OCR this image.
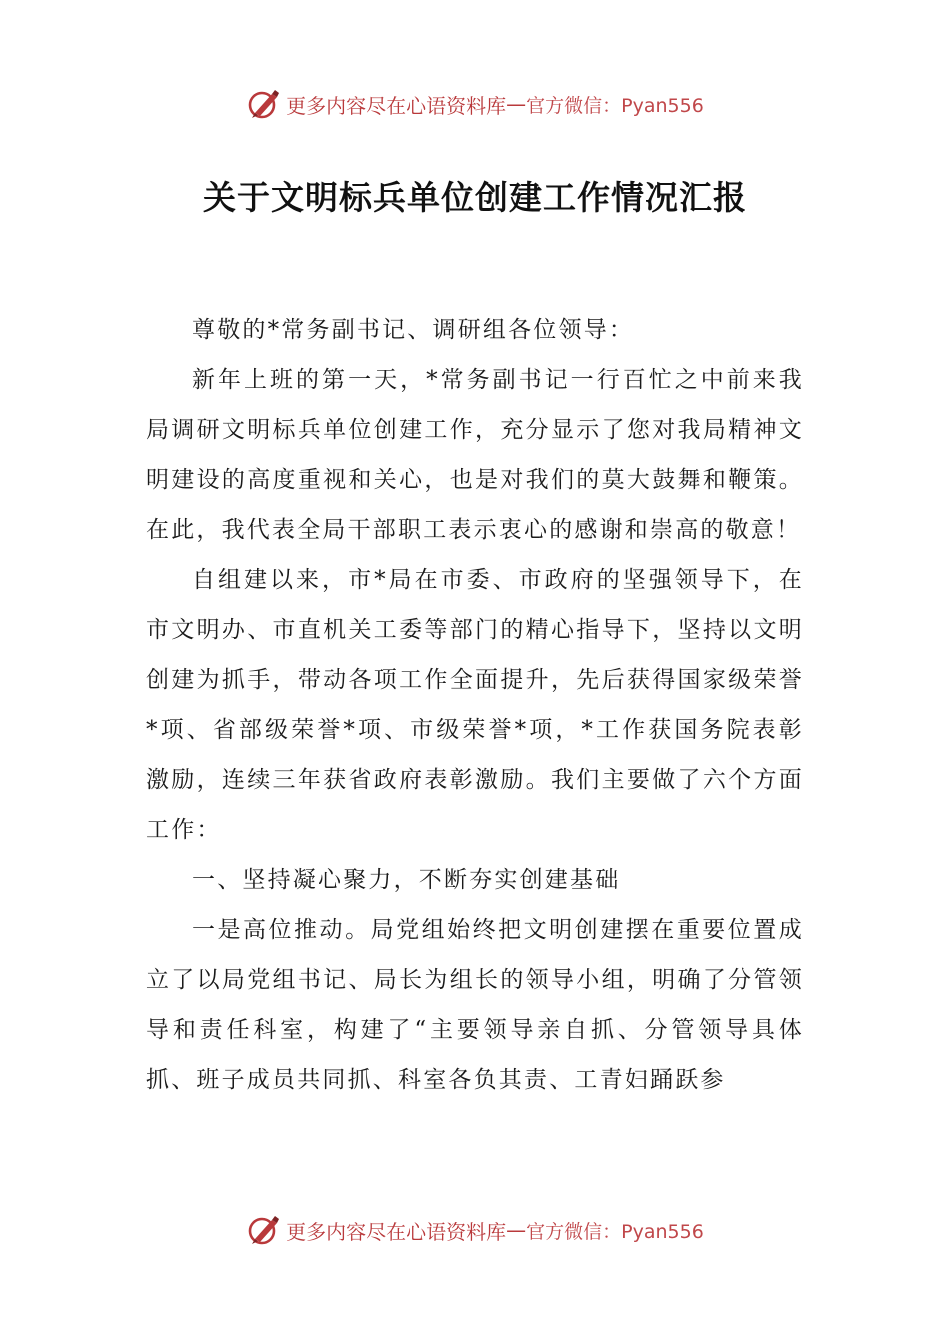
更多内容尽在心语资料库 — 官方微信：Pyan556
关于文明标兵单位创建工作情况汇报

尊敬的*常务副书记、调研组各位领导：

新年上班的第一天，*常务副书记一行百忙之中前来我局调研文明标兵单位创建工作，充分显示了您对我局精神文明建设的高度重视和关心，也是对我们的莫大鼓舞和鞭策。在此，我代表全局干部职工表示衷心的感谢和崇高的敬意！

自组建以来，市*局在市委、市政府的坚强领导下，在市文明办、市直机关工委等部门的精心指导下，坚持以文明创建为抓手，带动各项工作全面提升，先后获得国家级荣誉*项、省部级荣誉*项、市级荣誉*项，*工作获国务院表彰激励，连续三年获省政府表彰激励。我们主要做了六个方面工作：

一、坚持凝心聚力，不断夯实创建基础

一是高位推动。局党组始终把文明创建摆在重要位置成立了以局党组书记、局长为组长的领导小组，明确了分管领导和责任科室，构建了“主要领导亲自抓、分管领导具体抓、班子成员共同抓、科室各负其责、工青妇踊跃参

更多内容尽在心语资料库 — 官方微信：Pyan556
